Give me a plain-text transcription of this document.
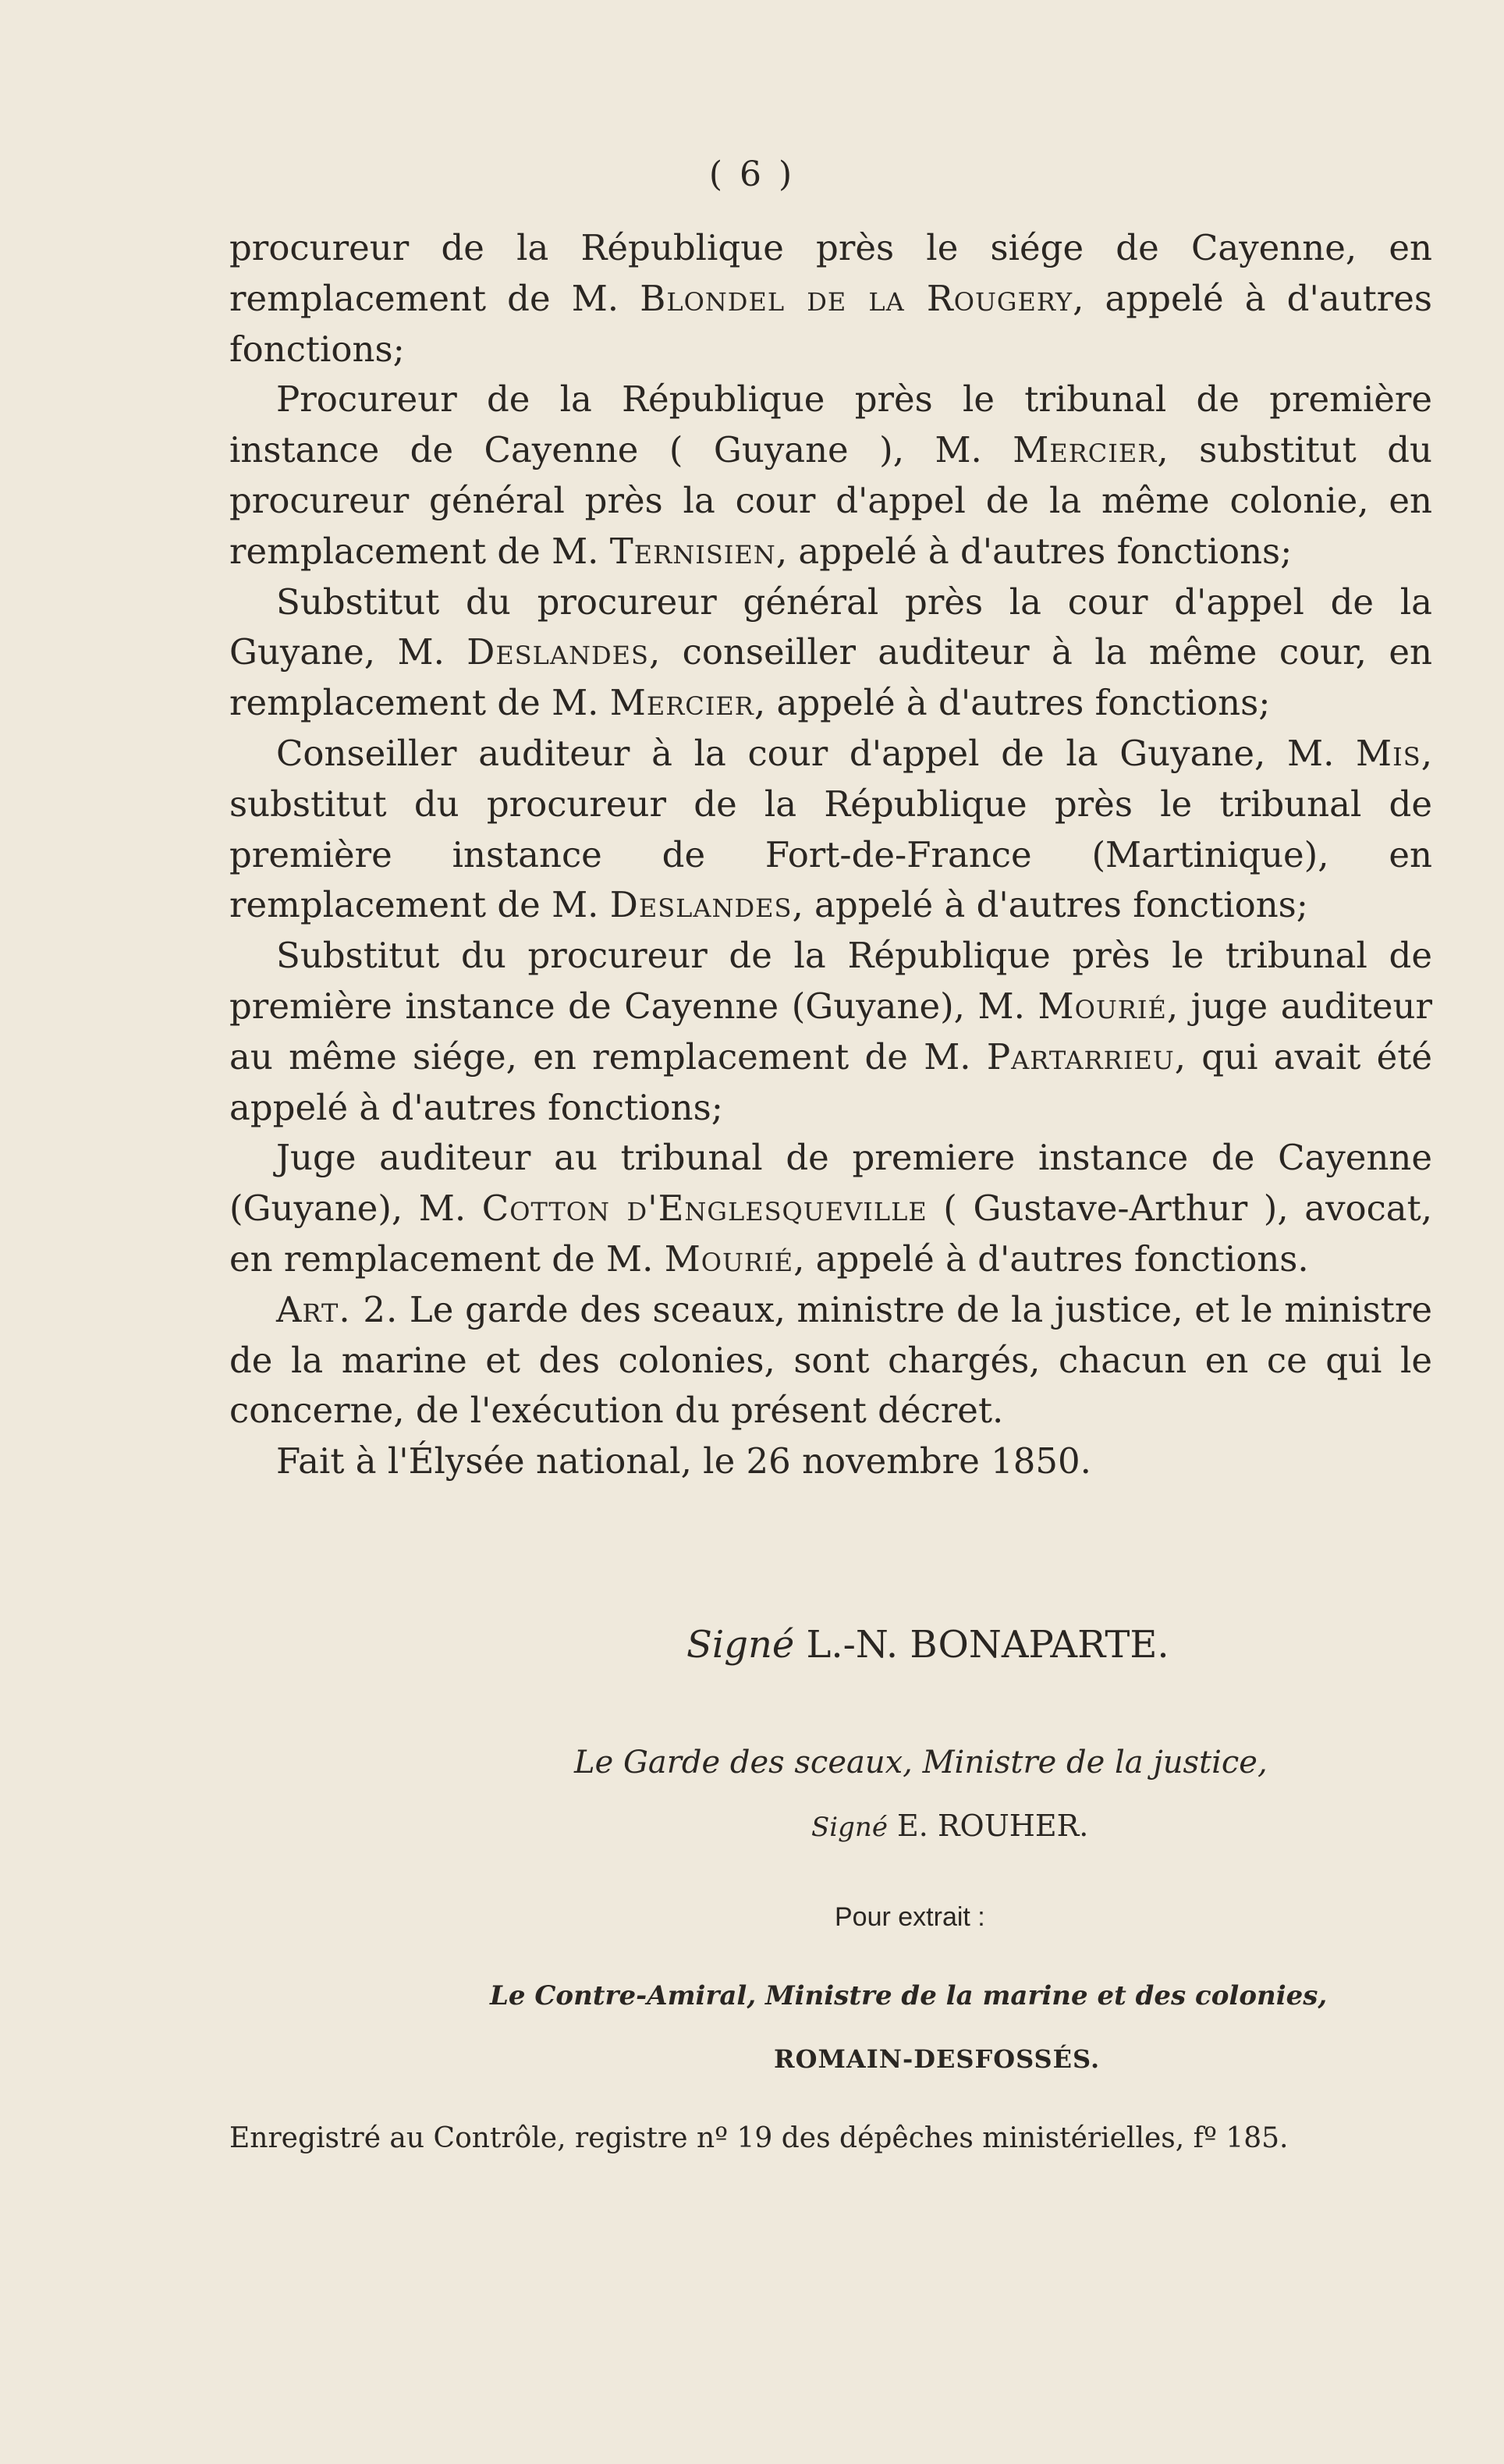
( 6 )

procureur de la République près le siége de Cayenne, en remplacement de M. Blondel de la Rougery, appelé à d'autres fonctions;

Procureur de la République près le tribunal de première instance de Cayenne ( Guyane ), M. Mercier, substitut du procureur général près la cour d'appel de la même colonie, en remplacement de M. Ternisien, appelé à d'autres fonctions;

Substitut du procureur général près la cour d'appel de la Guyane, M. Deslandes, conseiller auditeur à la même cour, en remplacement de M. Mercier, appelé à d'autres fonctions;

Conseiller auditeur à la cour d'appel de la Guyane, M. Mis, substitut du procureur de la République près le tribunal de première instance de Fort-de-France (Martinique), en remplacement de M. Deslandes, appelé à d'autres fonctions;

Substitut du procureur de la République près le tribunal de première instance de Cayenne (Guyane), M. Mourié, juge auditeur au même siége, en remplacement de M. Partarrieu, qui avait été appelé à d'autres fonctions;

Juge auditeur au tribunal de premiere instance de Cayenne (Guyane), M. Cotton d'Englesqueville ( Gustave-Arthur ), avocat, en remplacement de M. Mourié, appelé à d'autres fonctions.

Art. 2. Le garde des sceaux, ministre de la justice, et le ministre de la marine et des colonies, sont chargés, chacun en ce qui le concerne, de l'exécution du présent décret.

Fait à l'Élysée national, le 26 novembre 1850.

Signé L.-N. BONAPARTE.
Le Garde des sceaux, Ministre de la justice,
Signé E. ROUHER.
Pour extrait :
Le Contre-Amiral, Ministre de la marine et des colonies,
ROMAIN-DESFOSSÉS.
Enregistré au Contrôle, registre nº 19 des dépêches ministérielles, fº 185.
